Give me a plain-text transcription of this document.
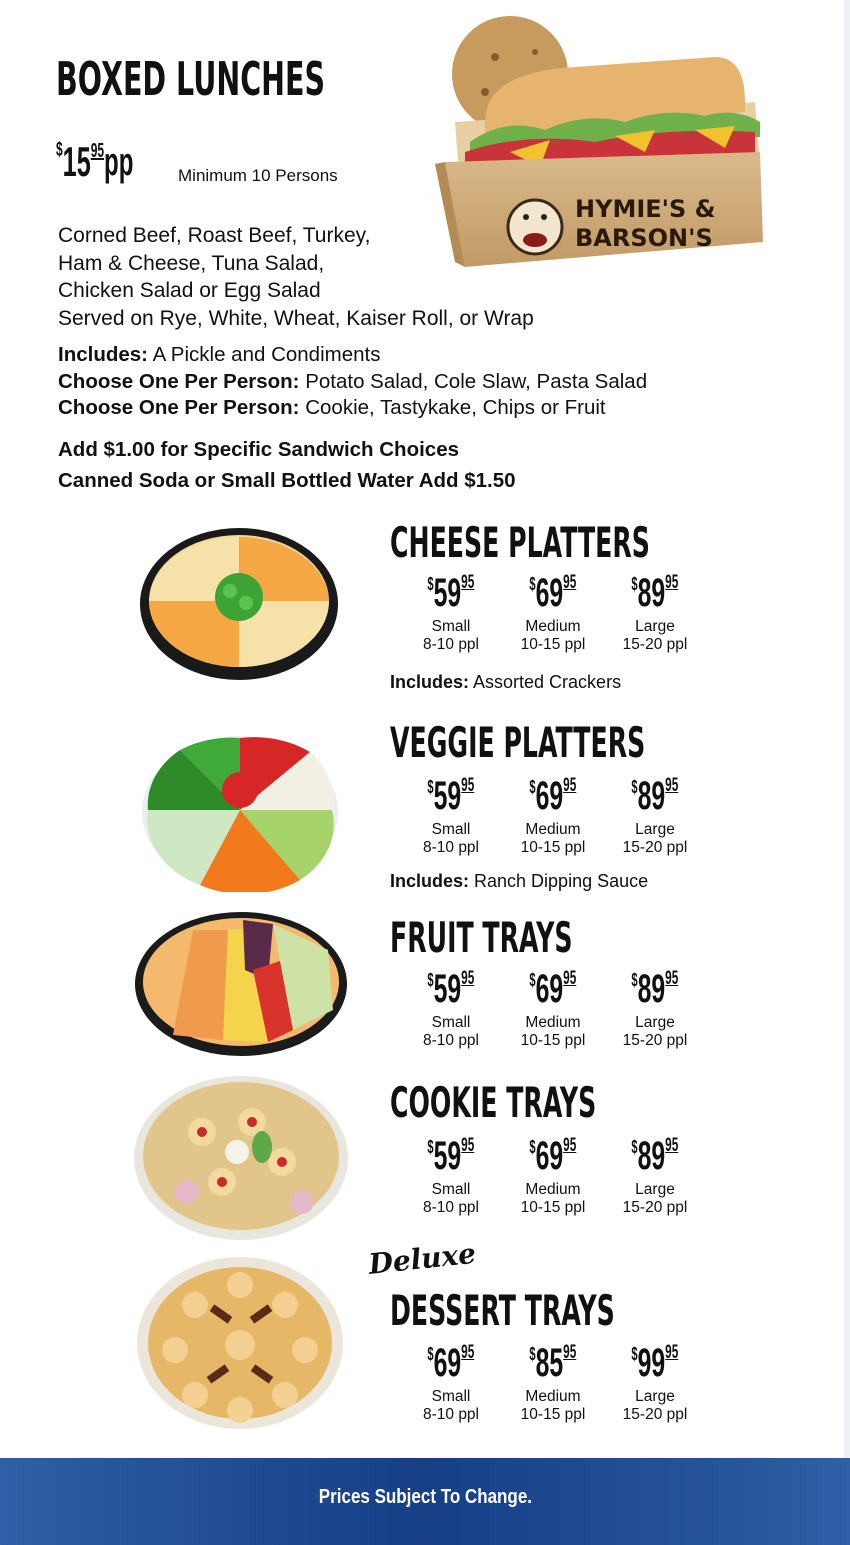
BOXED LUNCHES
$ 15 95 pp	Minimum 10 Persons
Corned Beef, Roast Beef, Turkey,
Ham & Cheese, Tuna Salad,
Chicken Salad or Egg Salad
Served on Rye, White, Wheat, Kaiser Roll, or Wrap
Includes: A Pickle and Condiments
Choose One Per Person: Potato Salad, Cole Slaw, Pasta Salad
Choose One Per Person: Cookie, Tastykake, Chips or Fruit
Add $1.00 for Specific Sandwich Choices
Canned Soda or Small Bottled Water Add $1.50
HYMIE'S &
BARSON'S
CHEESE PLATTERS
$ 59 95
Small
8-10 ppl
$ 69 95
Medium
10-15 ppl
$ 89 95
Large
15-20 ppl
Includes: Assorted Crackers
VEGGIE PLATTERS
$ 59 95
Small
8-10 ppl
$ 69 95
Medium
10-15 ppl
$ 89 95
Large
15-20 ppl
Includes: Ranch Dipping Sauce
FRUIT TRAYS
$ 59 95
Small
8-10 ppl
$ 69 95
Medium
10-15 ppl
$ 89 95
Large
15-20 ppl
COOKIE TRAYS
$ 59 95
Small
8-10 ppl
$ 69 95
Medium
10-15 ppl
$ 89 95
Large
15-20 ppl
Deluxe
DESSERT TRAYS
$ 69 95
Small
8-10 ppl
$ 85 95
Medium
10-15 ppl
$ 99 95
Large
15-20 ppl
Prices Subject To Change.
